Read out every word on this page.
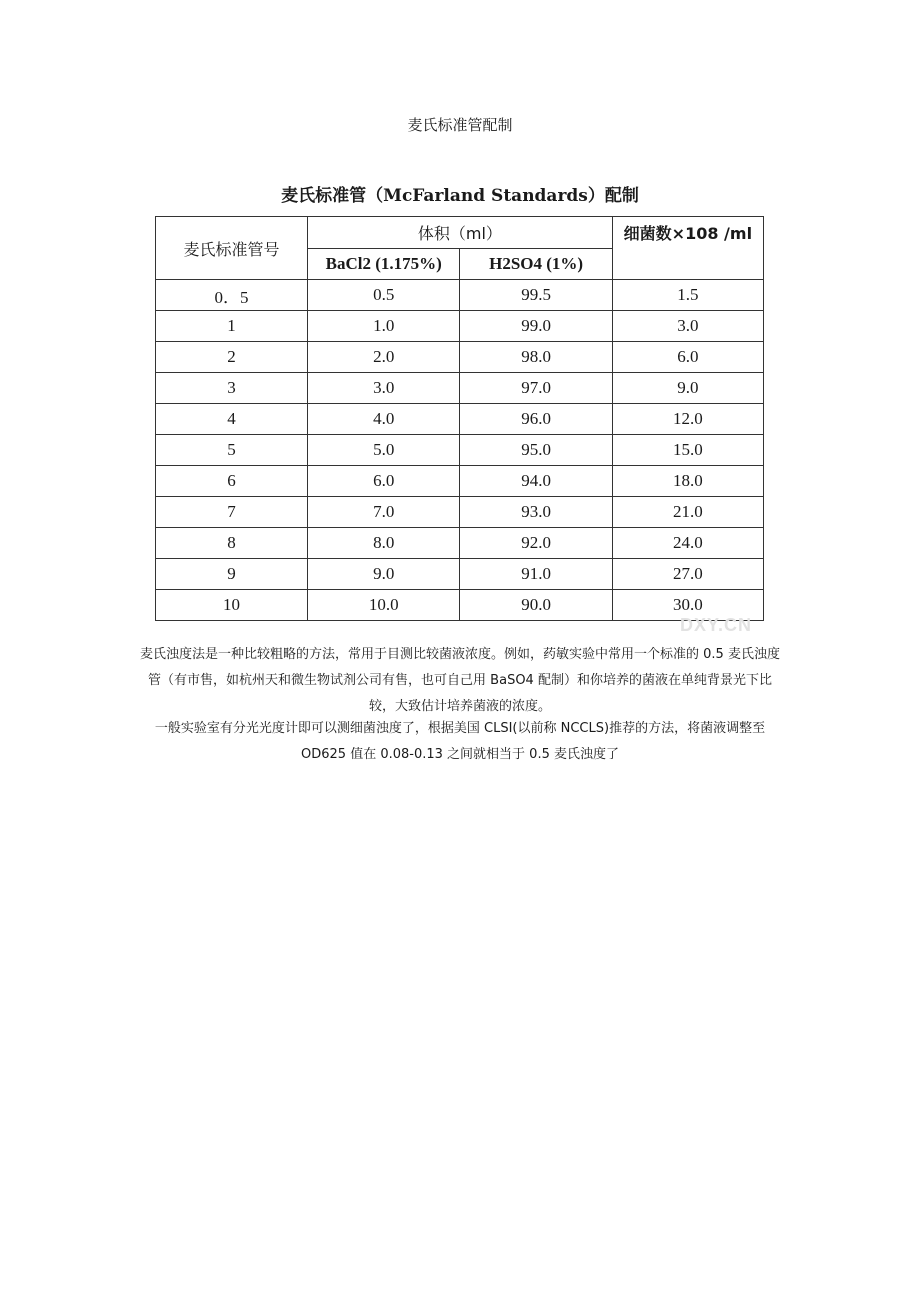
麦氏标准管配制
麦氏标准管（McFarland Standards）配制
麦氏标准管号	体积（ml）		细菌数×108 /ml
	BaCl2 (1.175%)	H2SO4 (1%)	
0．5	0.5	99.5	1.5
1	1.0	99.0	3.0
2	2.0	98.0	6.0
3	3.0	97.0	9.0
4	4.0	96.0	12.0
5	5.0	95.0	15.0
6	6.0	94.0	18.0
7	7.0	93.0	21.0
8	8.0	92.0	24.0
9	9.0	91.0	27.0
10	10.0	90.0	30.0
DXY.CN
麦氏浊度法是一种比较粗略的方法，常用于目测比较菌液浓度。例如，药敏实验中常用一个标准的 0.5 麦氏浊度管（有市售，如杭州天和微生物试剂公司有售，也可自己用 BaSO4 配制）和你培养的菌液在单纯背景光下比较，大致估计培养菌液的浓度。
一般实验室有分光光度计即可以测细菌浊度了，根据美国 CLSI(以前称 NCCLS)推荐的方法，将菌液调整至 OD625 值在 0.08-0.13 之间就相当于 0.5 麦氏浊度了
